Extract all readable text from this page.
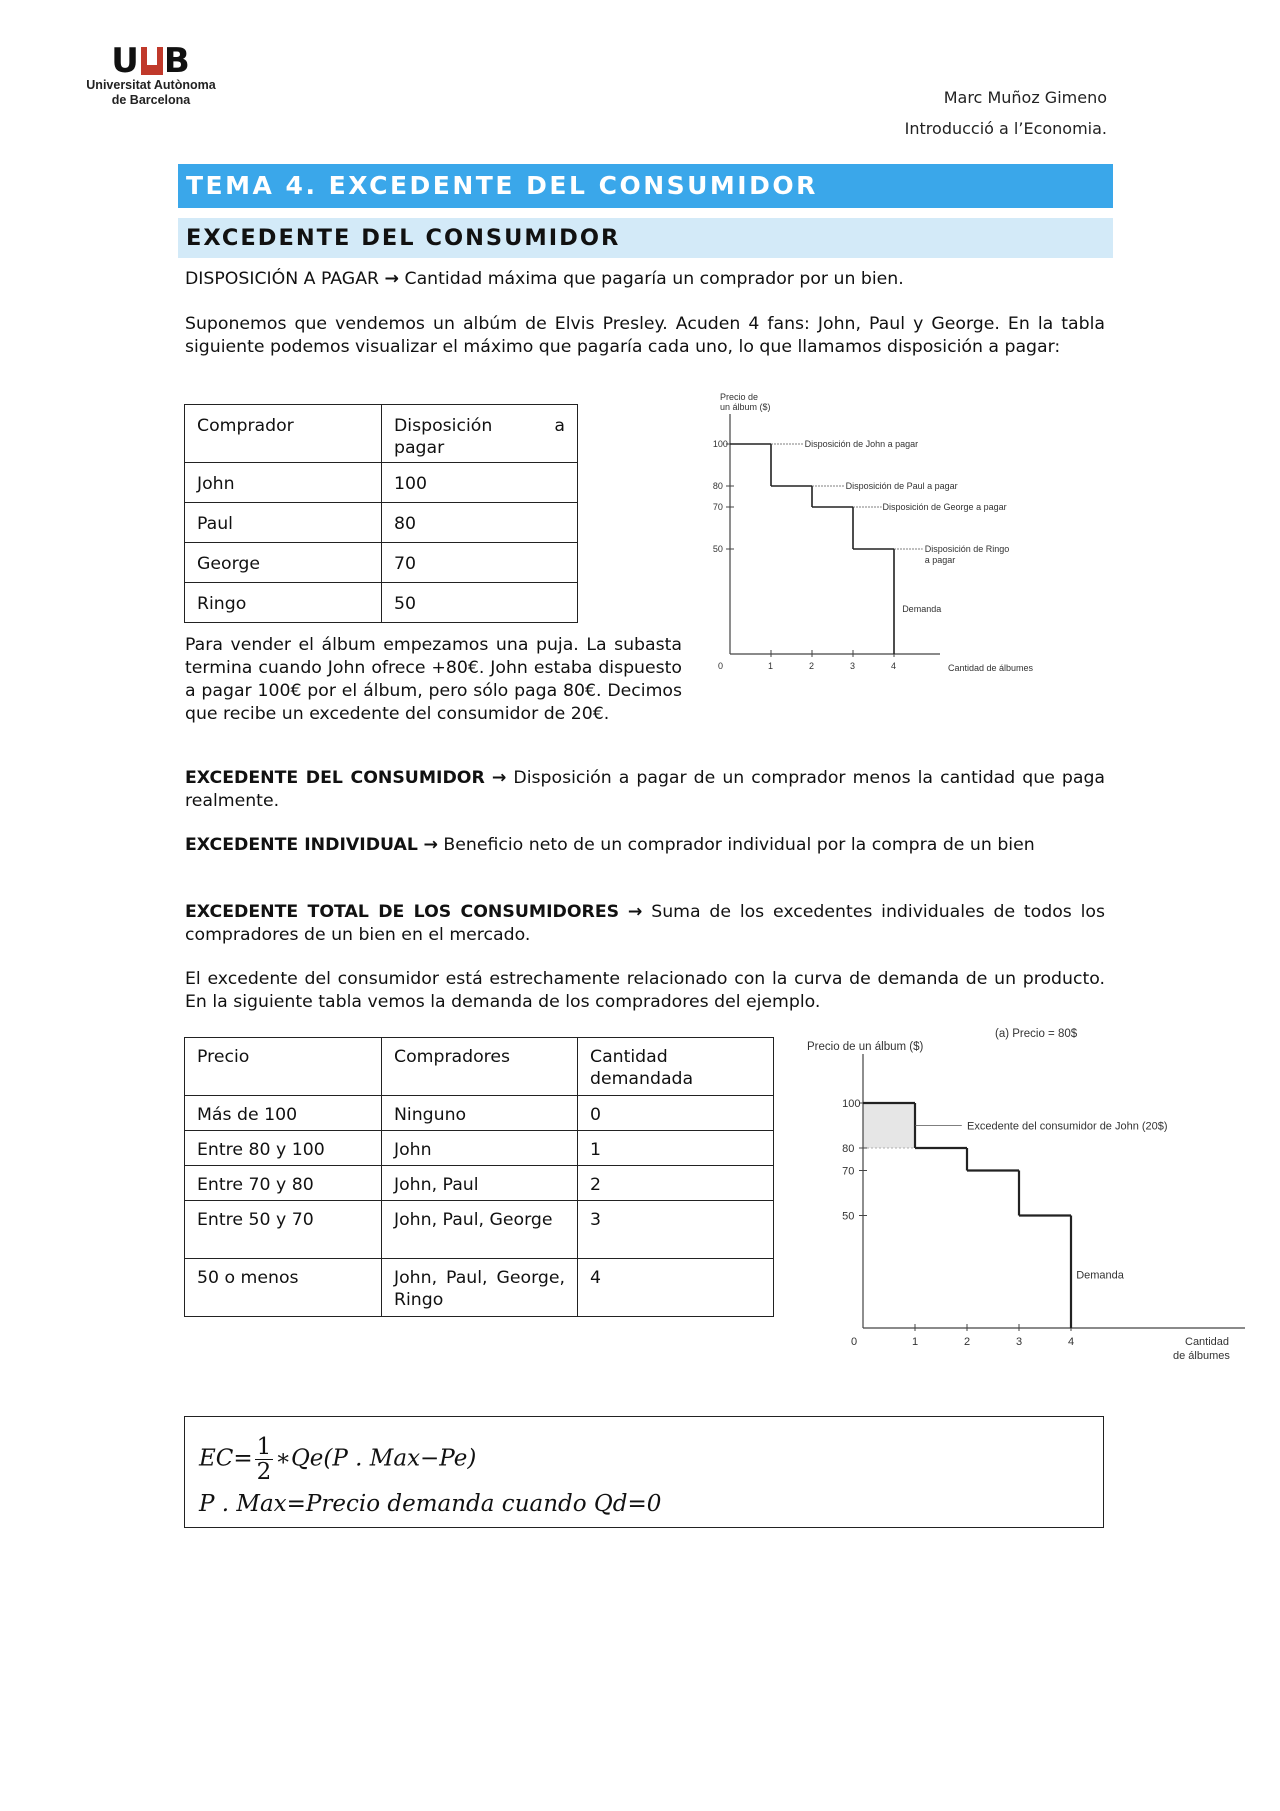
U B
Universitat Autònoma
de Barcelona	Marc Muñoz Gimeno
Introducció a l’Economia.
TEMA 4. EXCEDENTE DEL CONSUMIDOR
EXCEDENTE DEL CONSUMIDOR
DISPOSICIÓN A PAGAR → Cantidad máxima que pagaría un comprador por un bien.
Suponemos que vendemos un albúm de Elvis Presley. Acuden 4 fans: John, Paul y George. En la tabla siguiente podemos visualizar el máximo que pagaría cada uno, lo que llamamos disposición a pagar:
Comprador	Disposición a
pagar
John	100
Paul	80
George	70
Ringo	50
Precio de
un álbum ($)
0	1	2	3	4
100
80
70
50
Cantidad de álbumes
Disposición de John a pagar
Disposición de Paul a pagar
Disposición de George a pagar
Disposición de Ringo
a pagar
Demanda
Para vender el álbum empezamos una puja. La subasta termina cuando John ofrece +80€. John estaba dispuesto a pagar 100€ por el álbum, pero sólo paga 80€. Decimos que recibe un excedente del consumidor de 20€.
EXCEDENTE DEL CONSUMIDOR → Disposición a pagar de un comprador menos la cantidad que paga realmente.
EXCEDENTE INDIVIDUAL → Beneficio neto de un comprador individual por la compra de un bien
EXCEDENTE TOTAL DE LOS CONSUMIDORES → Suma de los excedentes individuales de todos los compradores de un bien en el mercado.
El excedente del consumidor está estrechamente relacionado con la curva de demanda de un producto. En la siguiente tabla vemos la demanda de los compradores del ejemplo.
Precio	Compradores	Cantidad demandada
Más de 100	Ninguno	0
Entre 80 y 100	John	1
Entre 70 y 80	John, Paul	2
Entre 50 y 70	John, Paul, George	3
50 o menos	John, Paul, George, Ringo	4
(a) Precio = 80$
Precio de un álbum ($)
0	1	2	3	4
100
80
70
50
Excedente del consumidor de John (20$)
Demanda
Cantidad
de álbumes
$EC= \frac{1}{2}$ ∗Qe(P . Max−Pe)
P . Max=Precio demanda cuando Qd=0
